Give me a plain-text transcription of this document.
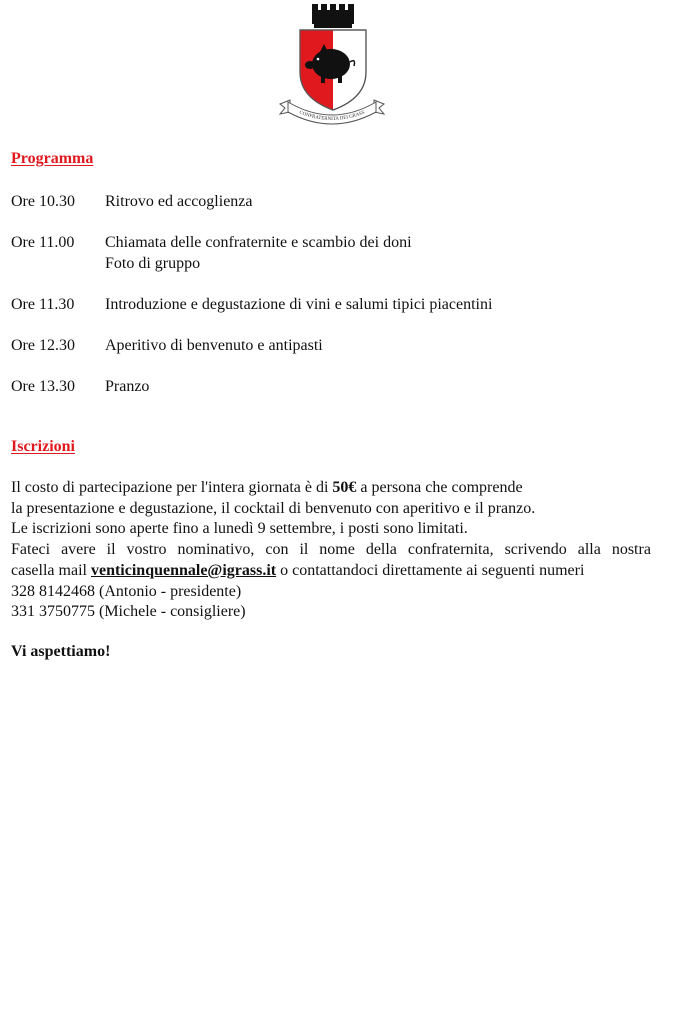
CONFRATERNITA DEI GRASS
Programma
Ore 10.30	Ritrovo ed accoglienza
Ore 11.00	Chiamata delle confraternite e scambio dei doni
Foto di gruppo
Ore 11.30	Introduzione e degustazione di vini e salumi tipici piacentini
Ore 12.30	Aperitivo di benvenuto e antipasti
Ore 13.30	Pranzo
Iscrizioni
Il costo di partecipazione per l'intera giornata è di 50€ a persona che comprende
la presentazione e degustazione, il cocktail di benvenuto con aperitivo e il pranzo.
Le iscrizioni sono aperte fino a lunedì 9 settembre, i posti sono limitati.
Fateci avere il vostro nominativo, con il nome della confraternita, scrivendo alla nostra
casella mail venticinquennale@igrass.it o contattandoci direttamente ai seguenti numeri
328 8142468 (Antonio - presidente)
331 3750775 (Michele - consigliere)
Vi aspettiamo!
